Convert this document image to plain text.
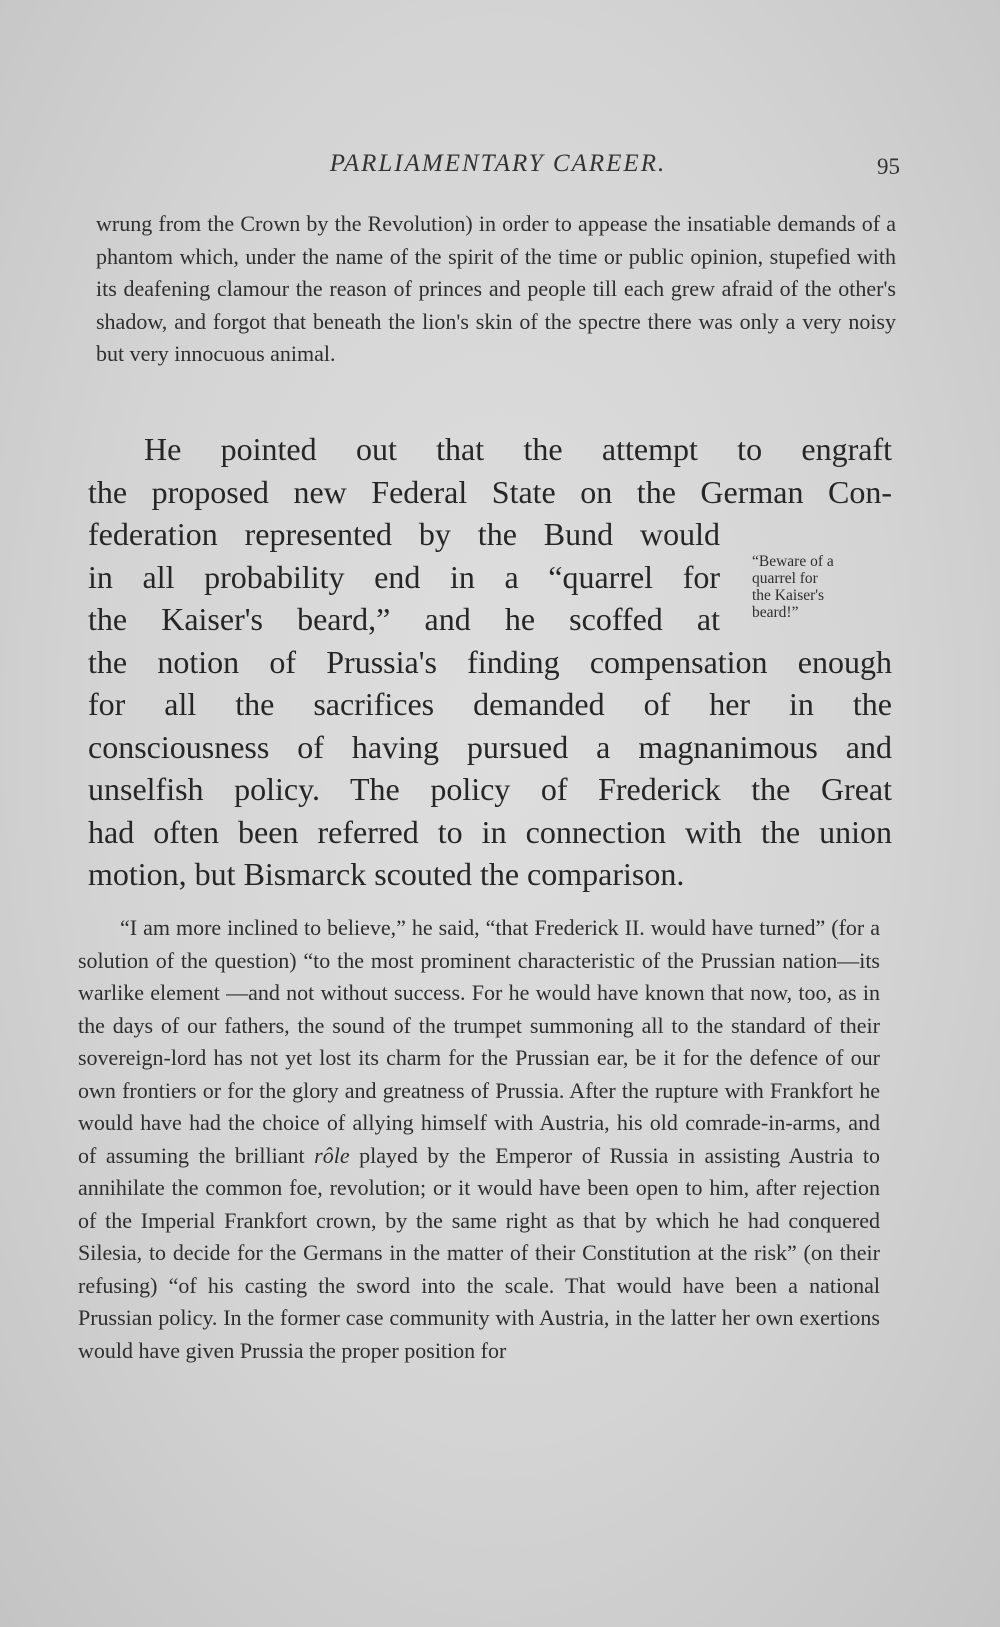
PARLIAMENTARY CAREER.	95

wrung from the Crown by the Revolution) in order to appease the insatiable demands of a phantom which, under the name of the spirit of the time or public opinion, stupefied with its deafening clamour the reason of princes and people till each grew afraid of the other's shadow, and forgot that beneath the lion's skin of the spectre there was only a very noisy but very innocuous animal.

He pointed out that the attempt to engraft
the proposed new Federal State on the German Con-
federation represented by the Bund would
in all probability end in a “quarrel for
the Kaiser's beard,” and he scoffed at
the notion of Prussia's finding compensation enough
for all the sacrifices demanded of her in the
consciousness of having pursued a magnanimous and
unselfish policy. The policy of Frederick the Great
had often been referred to in connection with the union
motion, but Bismarck scouted the comparison.
“Beware of a
quarrel for
the Kaiser's
beard!”

“I am more inclined to believe,” he said, “that Frederick II. would have turned” (for a solution of the question) “to the most prominent characteristic of the Prussian nation—its warlike element —and not without success. For he would have known that now, too, as in the days of our fathers, the sound of the trumpet summoning all to the standard of their sovereign-lord has not yet lost its charm for the Prussian ear, be it for the defence of our own frontiers or for the glory and greatness of Prussia. After the rupture with Frankfort he would have had the choice of allying himself with Austria, his old comrade-in-arms, and of assuming the brilliant rôle played by the Emperor of Russia in assisting Austria to annihilate the common foe, revolution; or it would have been open to him, after rejection of the Imperial Frankfort crown, by the same right as that by which he had conquered Silesia, to decide for the Germans in the matter of their Constitution at the risk” (on their refusing) “of his casting the sword into the scale. That would have been a national Prussian policy. In the former case community with Austria, in the latter her own exertions would have given Prussia the proper position for
